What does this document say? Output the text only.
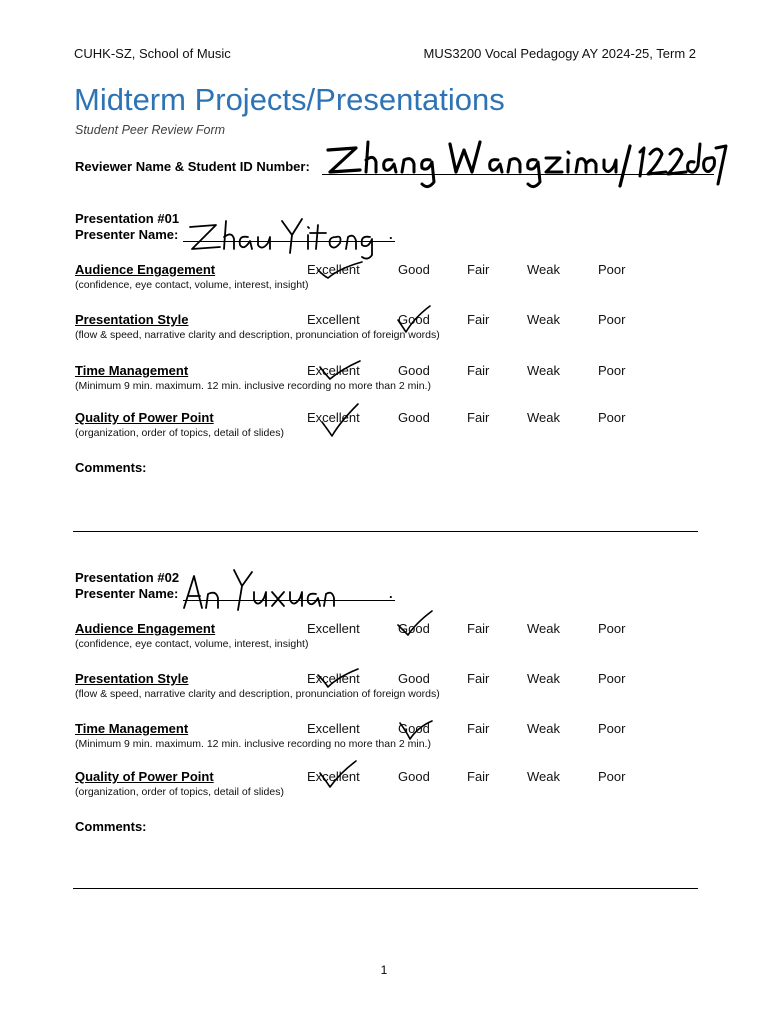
CUHK-SZ, School of Music	MUS3200 Vocal Pedagogy AY 2024-25, Term 2
Midterm Projects/Presentations
Student Peer Review Form
Reviewer Name & Student ID Number:
Presentation #01
Presenter Name:	.
Audience Engagement
(confidence, eye contact, volume, interest, insight)
Excellent	Good	Fair	Weak	Poor
Presentation Style
(flow & speed, narrative clarity and description, pronunciation of foreign words)
Excellent	Good	Fair	Weak	Poor
Time Management
(Minimum 9 min. maximum. 12 min. inclusive recording no more than 2 min.)
Excellent	Good	Fair	Weak	Poor
Quality of Power Point
(organization, order of topics, detail of slides)
Excellent	Good	Fair	Weak	Poor
Comments:
Presentation #02
Presenter Name:	.
Audience Engagement
(confidence, eye contact, volume, interest, insight)
Excellent	Good	Fair	Weak	Poor
Presentation Style
(flow & speed, narrative clarity and description, pronunciation of foreign words)
Excellent	Good	Fair	Weak	Poor
Time Management
(Minimum 9 min. maximum. 12 min. inclusive recording no more than 2 min.)
Excellent	Good	Fair	Weak	Poor
Quality of Power Point
(organization, order of topics, detail of slides)
Excellent	Good	Fair	Weak	Poor
Comments:
1
